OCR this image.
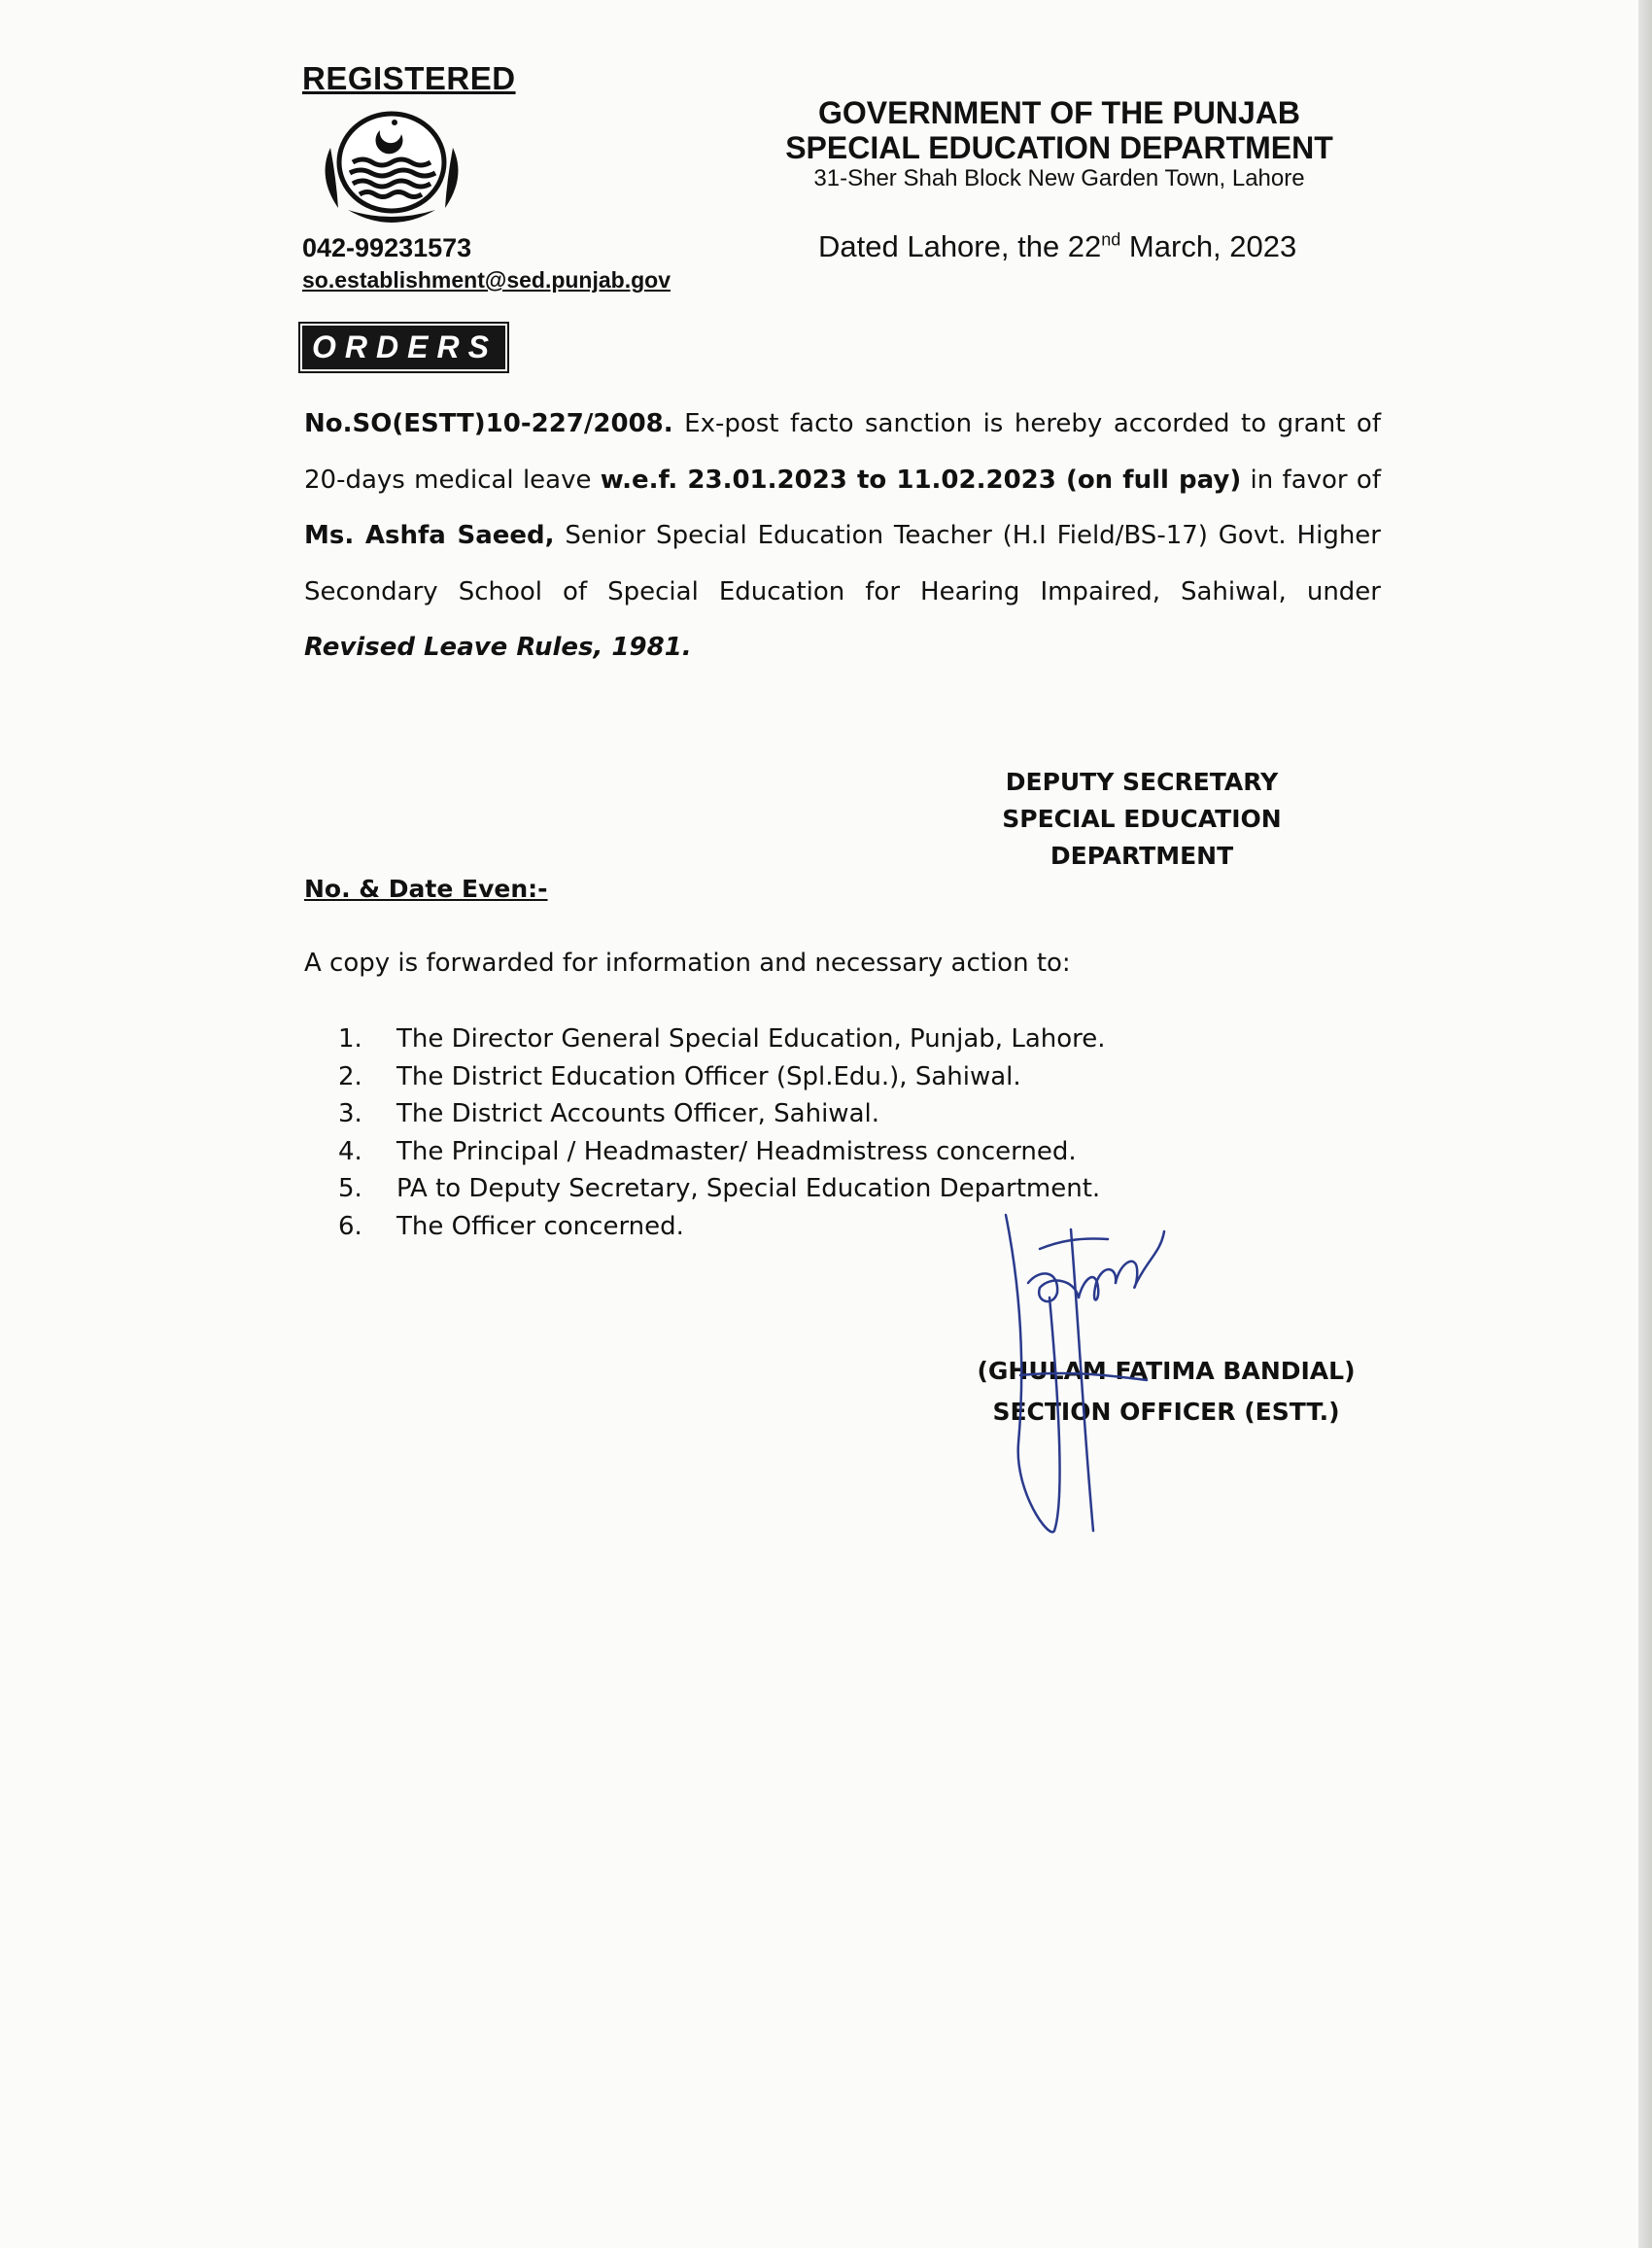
REGISTERED
042-99231573
so.establishment@sed.punjab.gov
GOVERNMENT OF THE PUNJAB
SPECIAL EDUCATION DEPARTMENT
31-Sher Shah Block New Garden Town, Lahore
Dated Lahore, the 22nd March, 2023
ORDERS
No.SO(ESTT)10-227/2008. Ex-post facto sanction is hereby accorded to grant of 20-days medical leave w.e.f. 23.01.2023 to 11.02.2023 (on full pay) in favor of Ms. Ashfa Saeed, Senior Special Education Teacher (H.I Field/BS-17) Govt. Higher Secondary School of Special Education for Hearing Impaired, Sahiwal, under Revised Leave Rules, 1981.
DEPUTY SECRETARY
SPECIAL EDUCATION
DEPARTMENT
No. & Date Even:-
A copy is forwarded for information and necessary action to:
1.	The Director General Special Education, Punjab, Lahore.
2.	The District Education Officer (Spl.Edu.), Sahiwal.
3.	The District Accounts Officer, Sahiwal.
4.	The Principal / Headmaster/ Headmistress concerned.
5.	PA to Deputy Secretary, Special Education Department.
6.	The Officer concerned.
(GHULAM FATIMA BANDIAL)
SECTION OFFICER (ESTT.)
